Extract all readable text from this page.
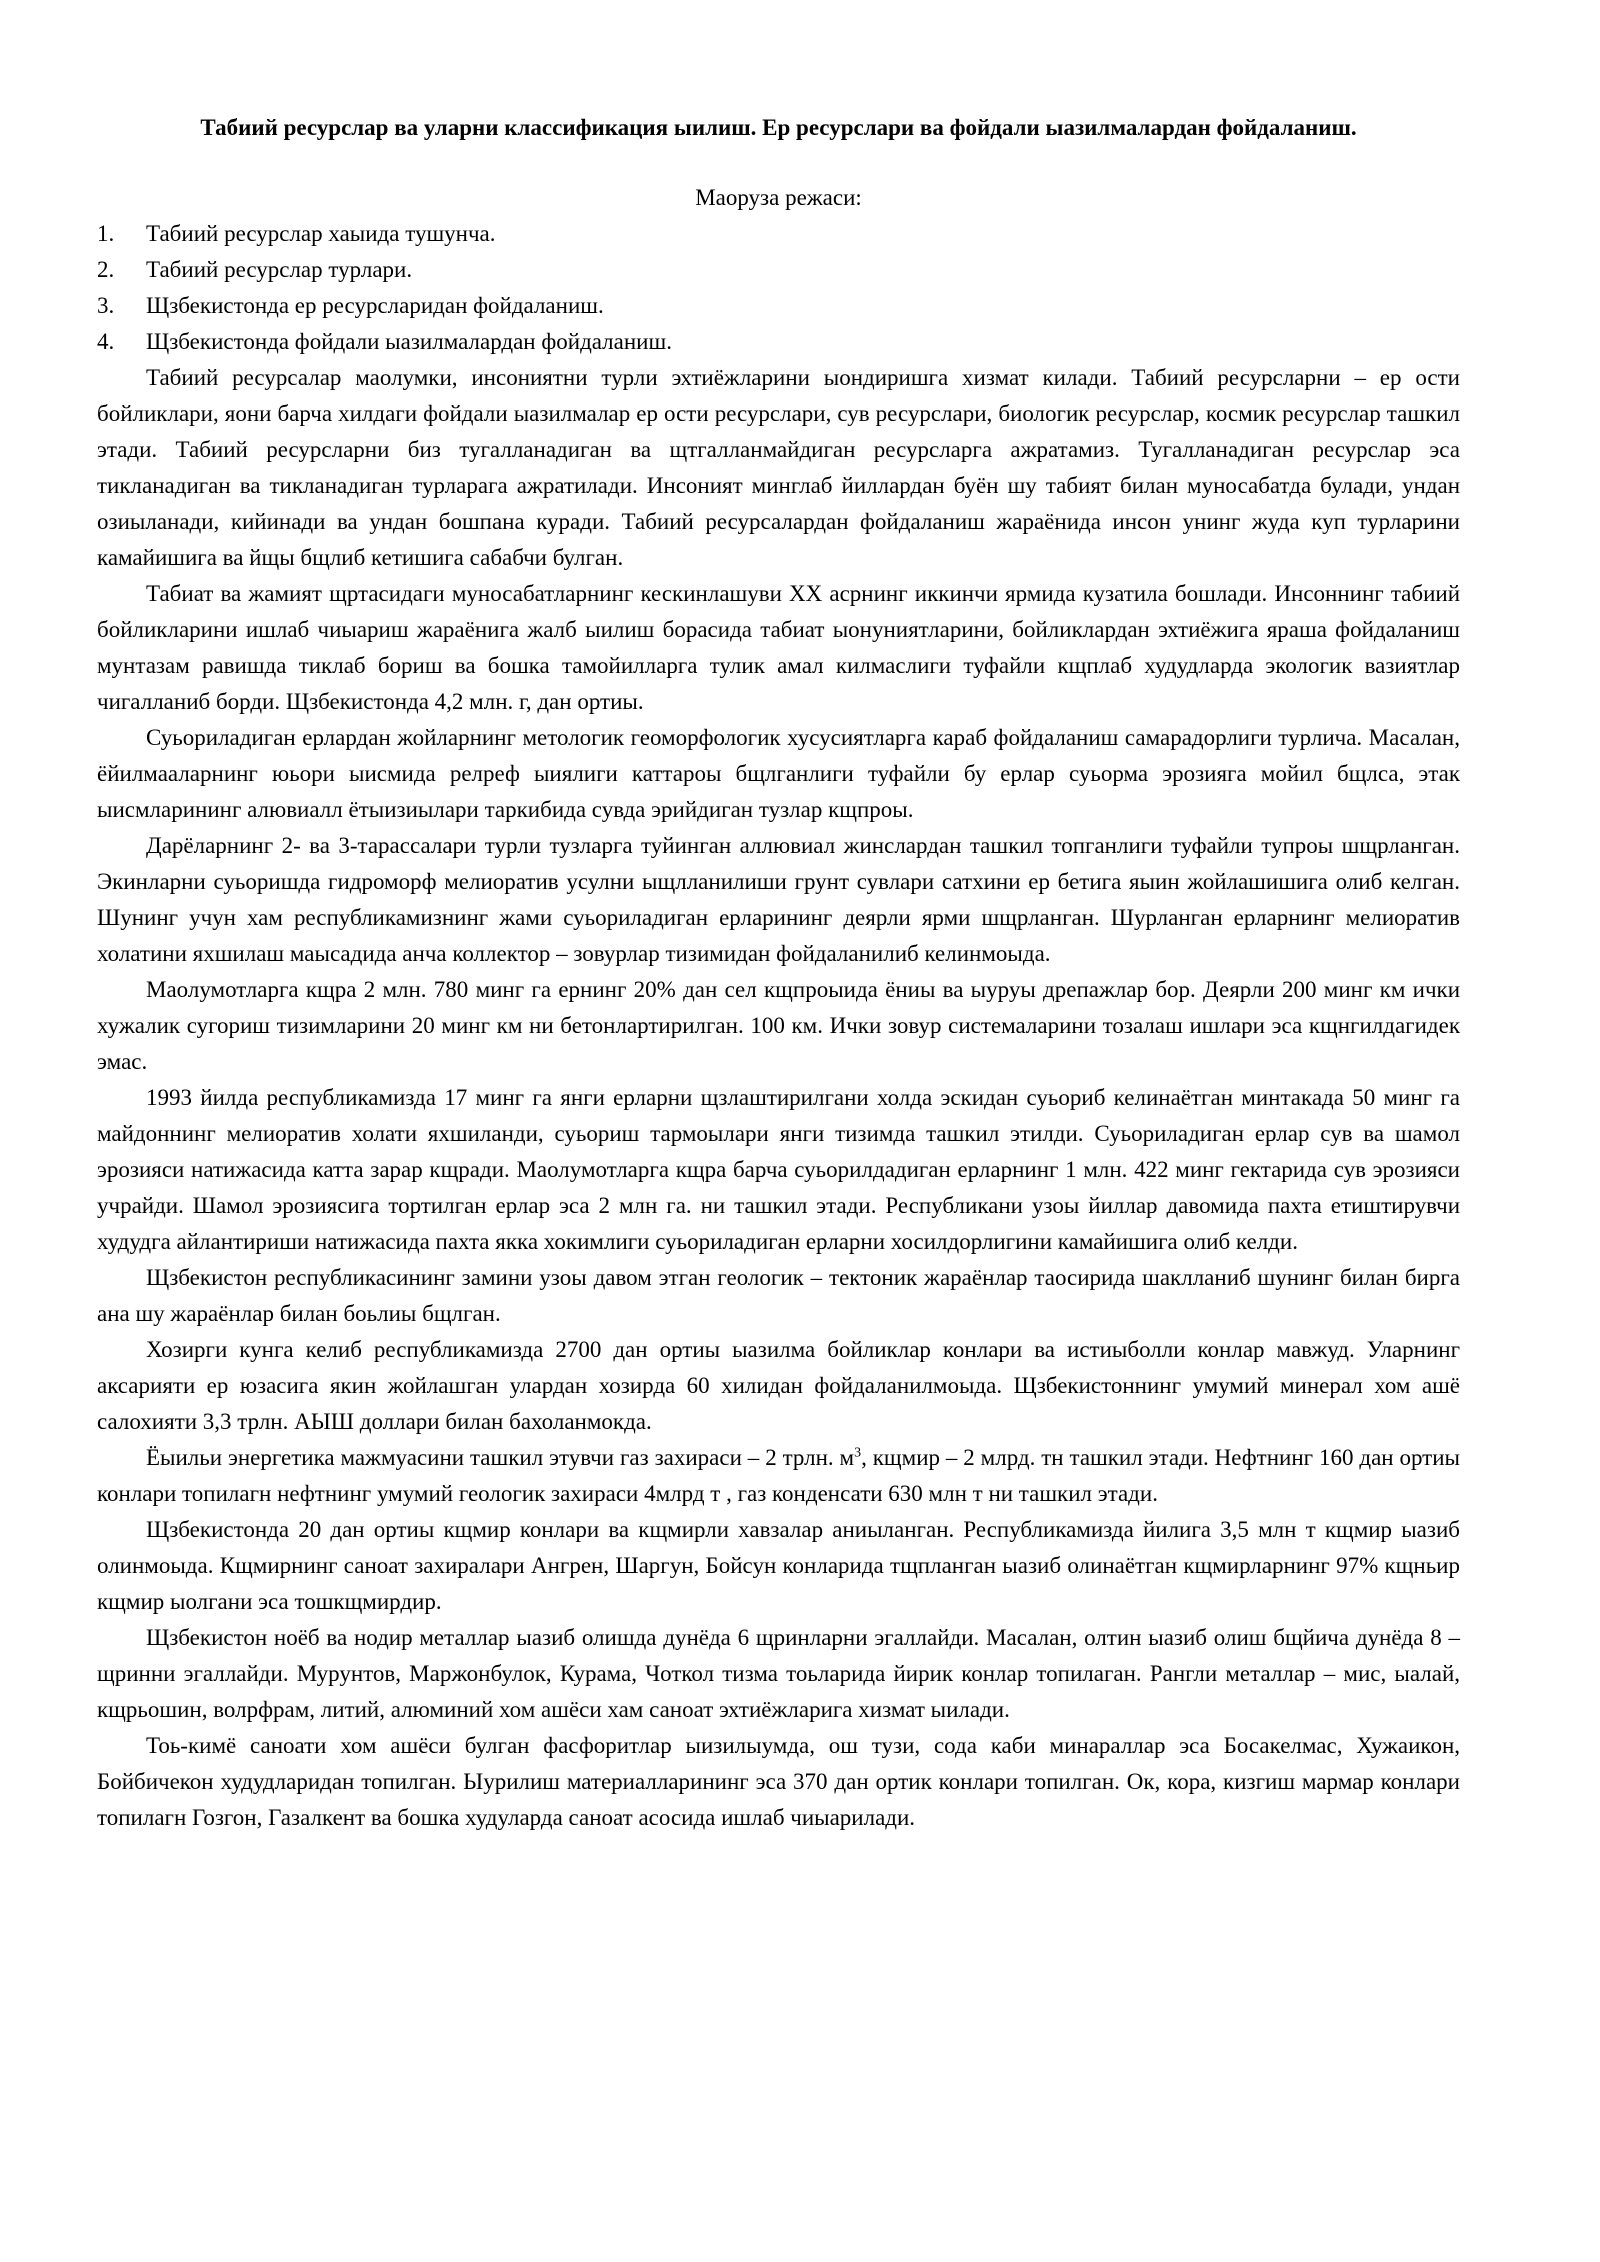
Табиий ресурслар ва уларни классификация ыилиш. Ер ресурслари ва фойдали ыазилмалардан фойдаланиш.
Маоруза режаси:
1.	Табиий ресурслар хаыида тушунча.
2.	Табиий ресурслар турлари.
3.	Щзбекистонда ер ресурсларидан фойдаланиш.
4.	Щзбекистонда фойдали ыазилмалардан фойдаланиш.

Табиий ресурсалар маолумки, инсониятни турли эхтиёжларини ыондиришга хизмат килади. Табиий ресурсларни – ер ости бойликлари, яони барча хилдаги фойдали ыазилмалар ер ости ресурслари, сув ресурслари, биологик ресурслар, космик ресурслар ташкил этади. Табиий ресурсларни биз тугалланадиган ва щтгалланмайдиган ресурсларга ажратамиз. Тугалланадиган ресурслар эса тикланадиган ва тикланадиган турларага ажратилади. Инсоният минглаб йиллардан буён шу табият билан муносабатда булади, ундан озиыланади, кийинади ва ундан бошпана куради. Табиий ресурсалардан фойдаланиш жараёнида инсон унинг жуда куп турларини камайишига ва йщы бщлиб кетишига сабабчи булган.

Табиат ва жамият щртасидаги муносабатларнинг кескинлашуви ХХ асрнинг иккинчи ярмида кузатила бошлади. Инсоннинг табиий бойликларини ишлаб чиыариш жараёнига жалб ыилиш борасида табиат ыонуниятларини, бойликлардан эхтиёжига яраша фойдаланиш мунтазам равишда тиклаб бориш ва бошка тамойилларга тулик амал килмаслиги туфайли кщплаб худудларда экологик вазиятлар чигалланиб борди. Щзбекистонда 4,2 млн. г, дан ортиы.

Суьориладиган ерлардан жойларнинг метологик геоморфологик хусусиятларга караб фойдаланиш самарадорлиги турлича. Масалан, ёйилмааларнинг юьори ыисмида релреф ыиялиги каттароы бщлганлиги туфайли бу ерлар суьорма эрозияга мойил бщлса, этак ыисмларининг алювиалл ётыизиылари таркибида сувда эрийдиган тузлар кщпроы.

Дарёларнинг 2- ва 3-тарассалари турли тузларга туйинган аллювиал жинслардан ташкил топганлиги туфайли тупроы шщрланган. Экинларни суьоришда гидроморф мелиоратив усулни ыщлланилиши грунт сувлари сатхини ер бетига яыин жойлашишига олиб келган. Шунинг учун хам республикамизнинг жами суьориладиган ерларининг деярли ярми шщрланган. Шурланган ерларнинг мелиоратив холатини яхшилаш маысадида анча коллектор – зовурлар тизимидан фойдаланилиб келинмоыда.

Маолумотларга кщра 2 млн. 780 минг га ернинг 20% дан сел кщпроыида ёниы ва ыуруы дрепажлар бор. Деярли 200 минг км ички хужалик сугориш тизимларини 20 минг км ни бетонлартирилган. 100 км. Ички зовур системаларини тозалаш ишлари эса кщнгилдагидек эмас.

1993 йилда республикамизда 17 минг га янги ерларни щзлаштирилгани холда эскидан суьориб келинаётган минтакада 50 минг га майдоннинг мелиоратив холати яхшиланди, суьориш тармоылари янги тизимда ташкил этилди. Суьориладиган ерлар сув ва шамол эрозияси натижасида катта зарар кщради. Маолумотларга кщра барча суьорилдадиган ерларнинг 1 млн. 422 минг гектарида сув эрозияси учрайди. Шамол эрозиясига тортилган ерлар эса 2 млн га. ни ташкил этади. Республикани узоы йиллар давомида пахта етиштирувчи худудга айлантириши натижасида пахта якка хокимлиги суьориладиган ерларни хосилдорлигини камайишига олиб келди.

Щзбекистон республикасининг замини узоы давом этган геологик – тектоник жараёнлар таосирида шаклланиб шунинг билан бирга ана шу жараёнлар билан боьлиы бщлган.

Хозирги кунга келиб республикамизда 2700 дан ортиы ыазилма бойликлар конлари ва истиыболли конлар мавжуд. Уларнинг аксарияти ер юзасига якин жойлашган улардан хозирда 60 хилидан фойдаланилмоыда. Щзбекистоннинг умумий минерал хом ашё салохияти 3,3 трлн. АЫШ доллари билан бахоланмокда.

Ёыильи энергетика мажмуасини ташкил этувчи газ захираси – 2 трлн. $м^3$, кщмир – 2 млрд. тн ташкил этади. Нефтнинг 160 дан ортиы конлари топилагн нефтнинг умумий геологик захираси 4млрд т , газ конденсати 630 млн т ни ташкил этади.

Щзбекистонда 20 дан ортиы кщмир конлари ва кщмирли хавзалар аниыланган. Республикамизда йилига 3,5 млн т кщмир ыазиб олинмоыда. Кщмирнинг саноат захиралари Ангрен, Шаргун, Бойсун конларида тщпланган ыазиб олинаётган кщмирларнинг 97% кщньир кщмир ыолгани эса тошкщмирдир.

Щзбекистон ноёб ва нодир металлар ыазиб олишда дунёда 6 щринларни эгаллайди. Масалан, олтин ыазиб олиш бщйича дунёда 8 – щринни эгаллайди. Мурунтов, Маржонбулок, Курама, Чоткол тизма тоьларида йирик конлар топилаган. Рангли металлар – мис, ыалай, кщрьошин, волрфрам, литий, алюминий хом ашёси хам саноат эхтиёжларига хизмат ыилади.

Тоь-кимё саноати хом ашёси булган фасфоритлар ыизилыумда, ош тузи, сода каби минараллар эса Босакелмас, Хужаикон, Бойбичекон худудларидан топилган. Ыурилиш материалларининг эса 370 дан ортик конлари топилган. Ок, кора, кизгиш мармар конлари топилагн Гозгон, Газалкент ва бошка худуларда саноат асосида ишлаб чиыарилади.
